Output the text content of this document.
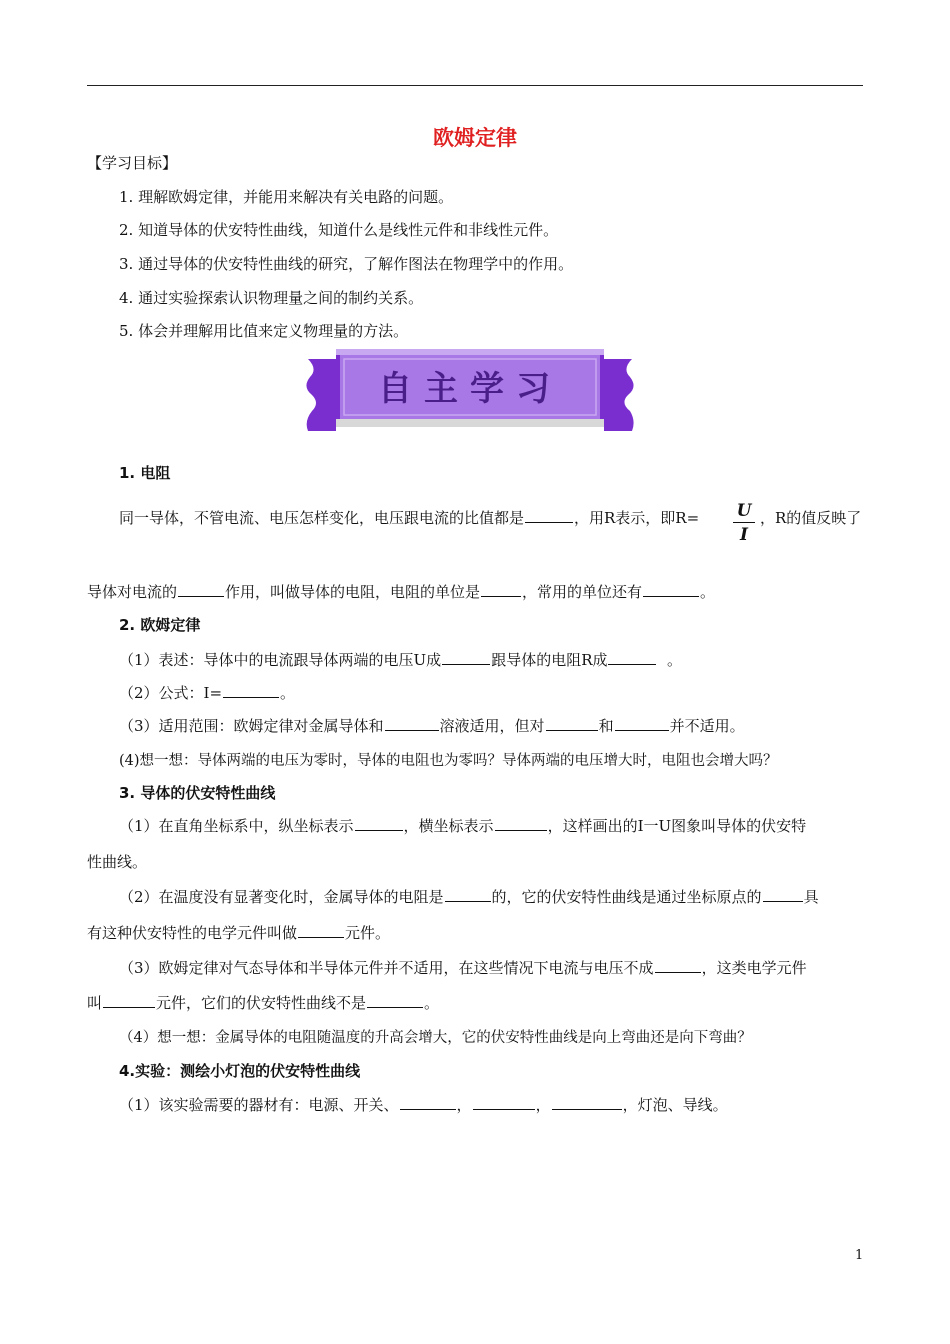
欧姆定律
【学习目标】
1. 理解欧姆定律，并能用来解决有关电路的问题。
2. 知道导体的伏安特性曲线，知道什么是线性元件和非线性元件。
3. 通过导体的伏安特性曲线的研究，了解作图法在物理学中的作用。
4. 通过实验探索认识物理量之间的制约关系。
5. 体会并理解用比值来定义物理量的方法。
自主学习
1. 电阻
同一导体，不管电流、电压怎样变化，电压跟电流的比值都是	，用R表示，即$R= \frac{U}{I}$ ，R的值反映了
导体对电流的	作用，叫做导体的电阻，电阻的单位是	，常用的单位还有	。
2. 欧姆定律
（1）表述：导体中的电流跟导体两端的电压U成	跟导体的电阻R成	。
（2）公式：I=	。
（3）适用范围：欧姆定律对金属导体和	溶液适用，但对	和	并不适用。
(4)想一想：导体两端的电压为零时，导体的电阻也为零吗？导体两端的电压增大时，电阻也会增大吗？
3. 导体的伏安特性曲线
（1）在直角坐标系中，纵坐标表示	，横坐标表示	，这样画出的I一U图象叫导体的伏安特
性曲线。
（2）在温度没有显著变化时，金属导体的电阻是	的，它的伏安特性曲线是通过坐标原点的	具
有这种伏安特性的电学元件叫做	元件。
（3）欧姆定律对气态导体和半导体元件并不适用，在这些情况下电流与电压不成	，这类电学元件
叫	元件，它们的伏安特性曲线不是	。
（4）想一想：金属导体的电阻随温度的升高会增大，它的伏安特性曲线是向上弯曲还是向下弯曲？
4.实验：测绘小灯泡的伏安特性曲线
（1）该实验需要的器材有：电源、开关、	，	，	，灯泡、导线。
1
